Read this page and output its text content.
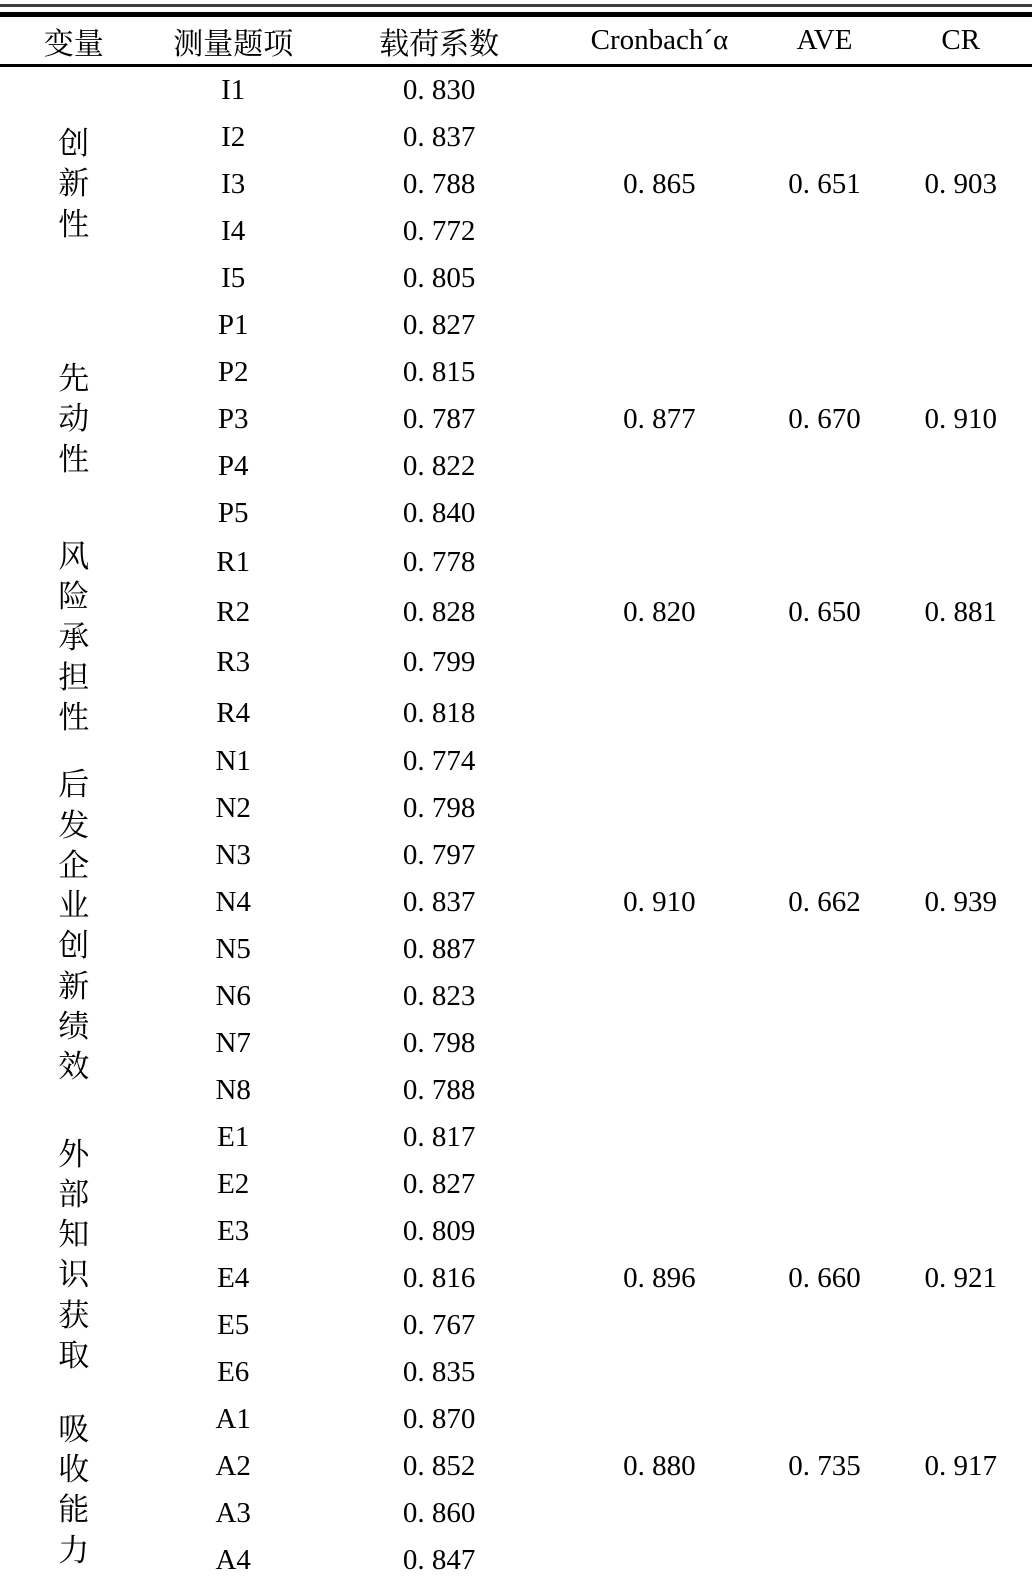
变量	测量题项	载荷系数	Cronbach´α	AVE	CR

创新性	I1	0. 830			
	I2	0. 837			
	I3	0. 788	0. 865	0. 651	0. 903
	I4	0. 772			
	I5	0. 805			

先动性	P1	0. 827			
	P2	0. 815			
	P3	0. 787	0. 877	0. 670	0. 910
	P4	0. 822			
	P5	0. 840			

风险承担性	R1	0. 778			
	R2	0. 828	0. 820	0. 650	0. 881
	R3	0. 799			
	R4	0. 818			

后发企业创新绩效	N1	0. 774			
	N2	0. 798			
	N3	0. 797			
	N4	0. 837	0. 910	0. 662	0. 939
	N5	0. 887			
	N6	0. 823			
	N7	0. 798			
	N8	0. 788			

外部知识获取	E1	0. 817			
	E2	0. 827			
	E3	0. 809			
	E4	0. 816	0. 896	0. 660	0. 921
	E5	0. 767			
	E6	0. 835			

吸收能力	A1	0. 870			
	A2	0. 852	0. 880	0. 735	0. 917
	A3	0. 860			
	A4	0. 847			
